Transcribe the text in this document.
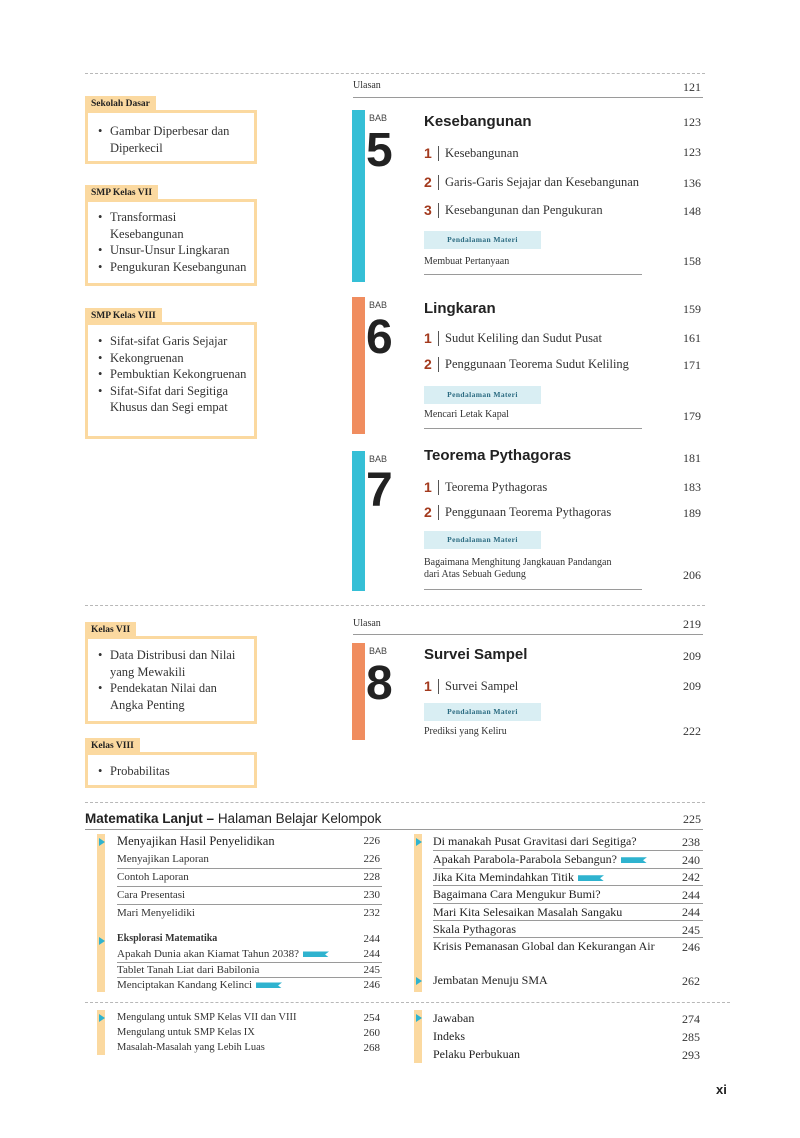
Ulasan	121
Sekolah Dasar
• Gambar Diperbesar dan Diperkecil
SMP Kelas VII
• Transformasi Kesebangunan
• Unsur-Unsur Lingkaran
• Pengukuran Kesebangunan
SMP Kelas VIII
• Sifat-sifat Garis Sejajar
• Kekongruenan
• Pembuktian Kekongruenan
• Sifat-Sifat dari Segitiga Khusus dan Segi empat
BAB
5
Kesebangunan	123
1 Kesebangunan	123
2 Garis-Garis Sejajar dan Kesebangunan	136
3 Kesebangunan dan Pengukuran	148
Pendalaman Materi
Membuat Pertanyaan	158
BAB
6
Lingkaran	159
1 Sudut Keliling dan Sudut Pusat	161
2 Penggunaan Teorema Sudut Keliling	171
Pendalaman Materi
Mencari Letak Kapal	179
BAB
7
Teorema Pythagoras	181
1 Teorema Pythagoras	183
2 Penggunaan Teorema Pythagoras	189
Pendalaman Materi
Bagaimana Menghitung Jangkauan Pandangan
dari Atas Sebuah Gedung	206
Ulasan	219
Kelas VII
• Data Distribusi dan Nilai yang Mewakili
• Pendekatan Nilai dan Angka Penting
Kelas VIII
• Probabilitas
BAB
8
Survei Sampel	209
1 Survei Sampel	209
Pendalaman Materi
Prediksi yang Keliru	222
Matematika Lanjut – Halaman Belajar Kelompok	225
Menyajikan Hasil Penyelidikan	226
Menyajikan Laporan	226
Contoh Laporan	228
Cara Presentasi	230
Mari Menyelidiki	232
Eksplorasi Matematika	244
Apakah Dunia akan Kiamat Tahun 2038?	244
Tablet Tanah Liat dari Babilonia	245
Menciptakan Kandang Kelinci	246
Di manakah Pusat Gravitasi dari Segitiga?	238
Apakah Parabola-Parabola Sebangun?	240
Jika Kita Memindahkan Titik	242
Bagaimana Cara Mengukur Bumi?	244
Mari Kita Selesaikan Masalah Sangaku	244
Skala Pythagoras	245
Krisis Pemanasan Global dan Kekurangan Air	246
Jembatan Menuju SMA	262
Mengulang untuk SMP Kelas VII dan VIII	254
Mengulang untuk SMP Kelas IX	260
Masalah-Masalah yang Lebih Luas	268
Jawaban	274
Indeks	285
Pelaku Perbukuan	293
xi
